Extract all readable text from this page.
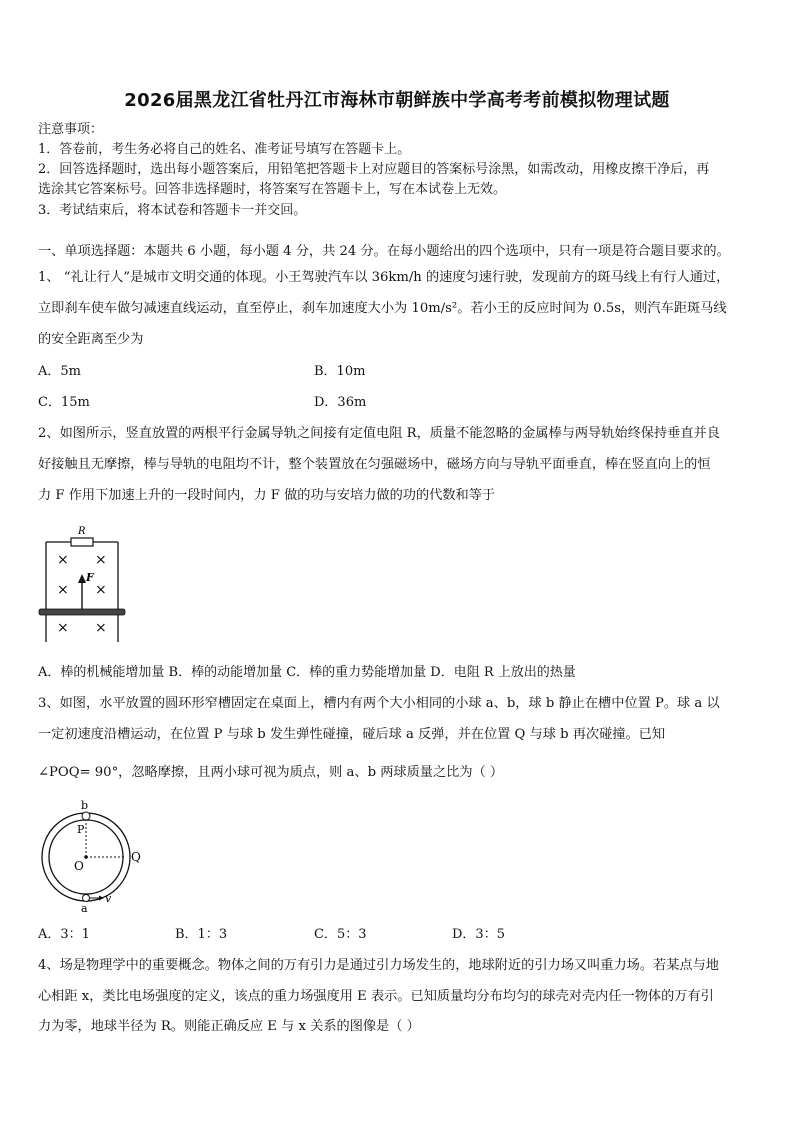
2026届黑龙江省牡丹江市海林市朝鲜族中学高考考前模拟物理试题
注意事项：
1．答卷前，考生务必将自己的姓名、准考证号填写在答题卡上。
2．回答选择题时，选出每小题答案后，用铅笔把答题卡上对应题目的答案标号涂黑，如需改动，用橡皮擦干净后，再
选涂其它答案标号。回答非选择题时，将答案写在答题卡上，写在本试卷上无效。
3．考试结束后，将本试卷和答题卡一并交回。
一、单项选择题：本题共 6 小题，每小题 4 分，共 24 分。在每小题给出的四个选项中，只有一项是符合题目要求的。
1、 “礼让行人”是城市文明交通的体现。小王驾驶汽车以 36km/h 的速度匀速行驶，发现前方的斑马线上有行人通过，
立即刹车使车做匀减速直线运动，直至停止，刹车加速度大小为 10m/s²。若小王的反应时间为 0.5s，则汽车距斑马线
的安全距离至少为
A．5m	B．10m
C．15m	D．36m
2、如图所示，竖直放置的两根平行金属导轨之间接有定值电阻 R，质量不能忽略的金属棒与两导轨始终保持垂直并良
好接触且无摩擦，棒与导轨的电阻均不计，整个装置放在匀强磁场中，磁场方向与导轨平面垂直，棒在竖直向上的恒
力 F 作用下加速上升的一段时间内，力 F 做的功与安培力做的功的代数和等于
R
× ×
× ×
F
× ×
A．棒的机械能增加量 B．棒的动能增加量 C．棒的重力势能增加量 D．电阻 R 上放出的热量
3、如图，水平放置的圆环形窄槽固定在桌面上，槽内有两个大小相同的小球 a、b，球 b 静止在槽中位置 P。球 a 以
一定初速度沿槽运动，在位置 P 与球 b 发生弹性碰撞，碰后球 a 反弹，并在位置 Q 与球 b 再次碰撞。已知
∠POQ= 90°，忽略摩擦，且两小球可视为质点，则 a、b 两球质量之比为（ ）
b
P
O
Q
v
a
A．3：1	B．1：3	C．5：3	D．3：5
4、场是物理学中的重要概念。物体之间的万有引力是通过引力场发生的，地球附近的引力场又叫重力场。若某点与地
心相距 x，类比电场强度的定义，该点的重力场强度用 E 表示。已知质量均分布均匀的球壳对壳内任一物体的万有引
力为零，地球半径为 R。则能正确反应 E 与 x 关系的图像是（ ）
